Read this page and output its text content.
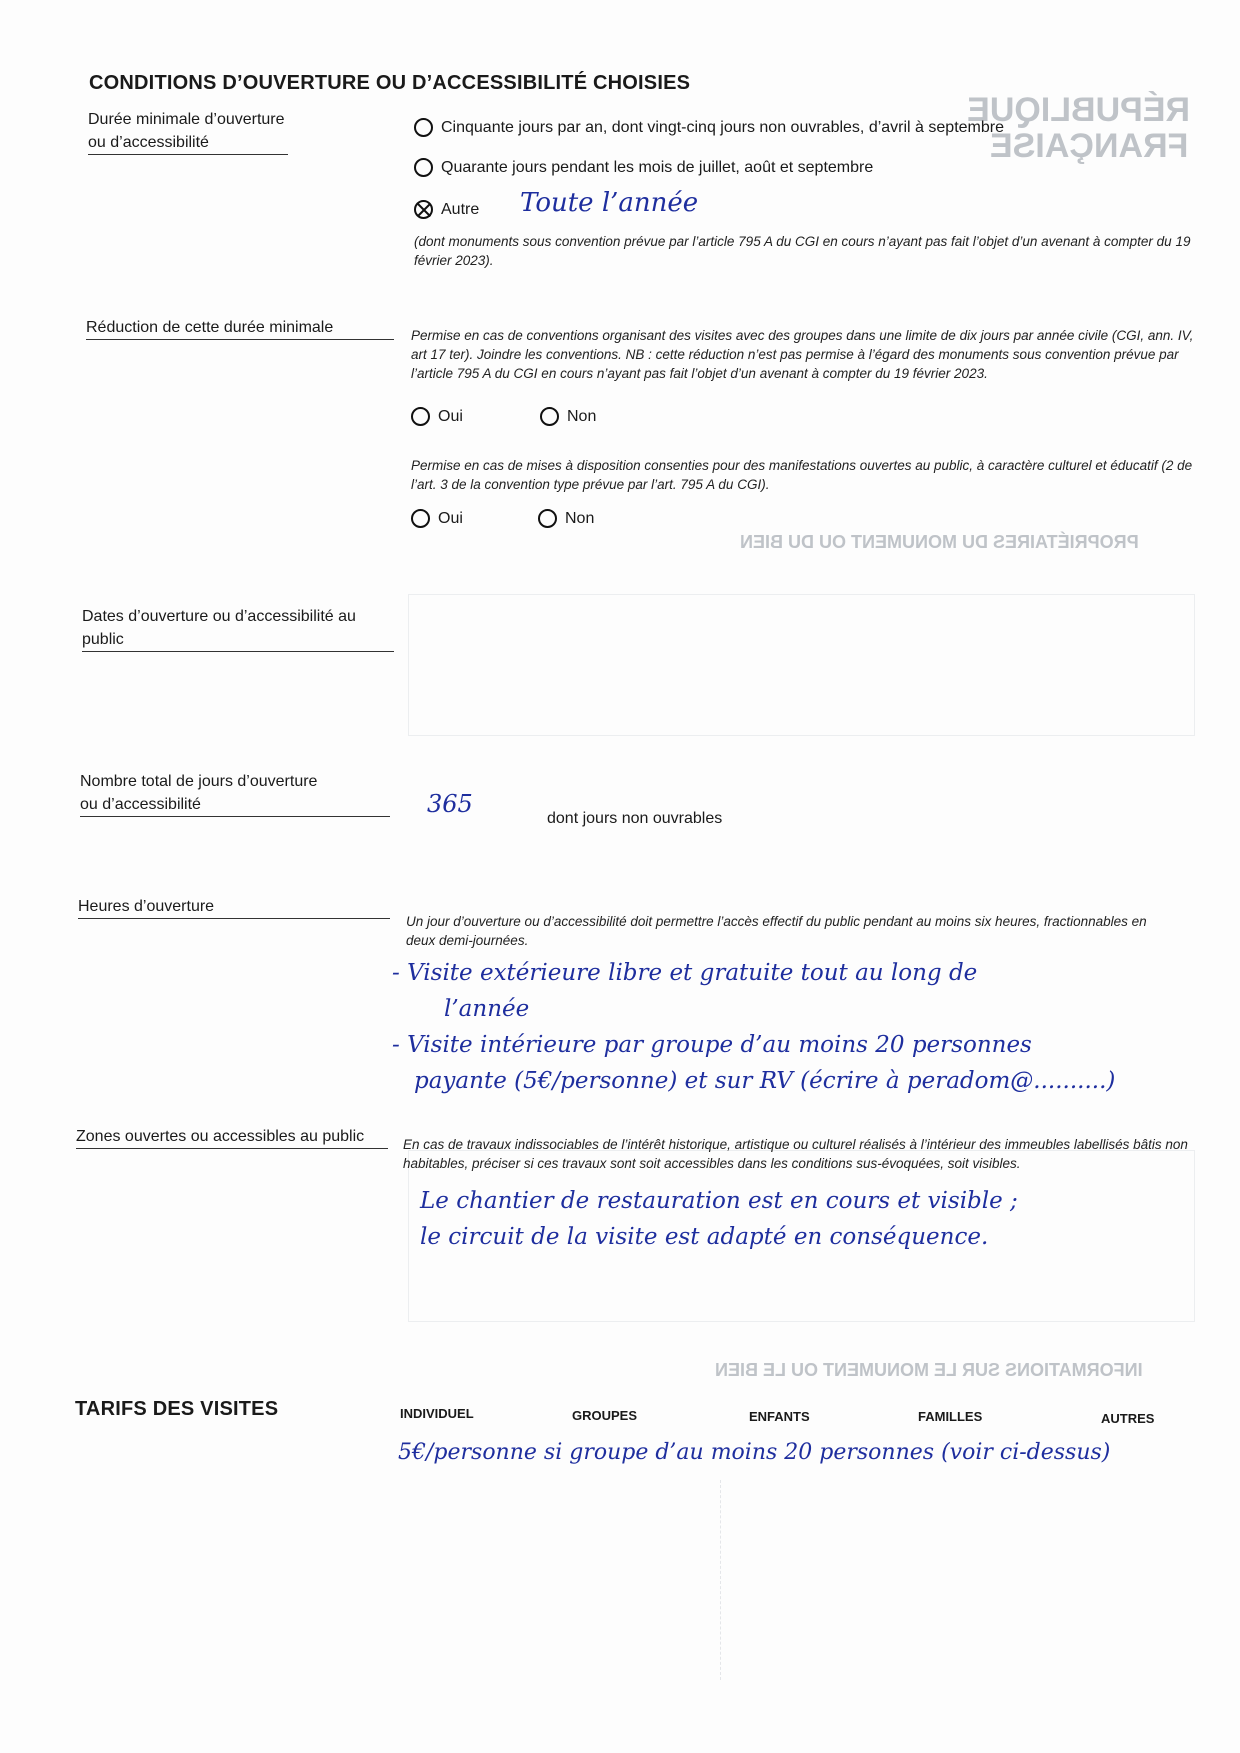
RÉPUBLIQUE
FRANÇAISE
PROPRIÉTAIRES DU MONUMENT OU DU BIEN
INFORMATIONS SUR LE MONUMENT OU LE BIEN
CONDITIONS D’OUVERTURE OU D’ACCESSIBILITÉ CHOISIES
Durée minimale d’ouverture
ou d’accessibilité
Cinquante jours par an, dont vingt-cinq jours non ouvrables, d’avril à septembre
Quarante jours pendant les mois de juillet, août et septembre
Autre Toute l’année
(dont monuments sous convention prévue par l’article 795 A du CGI en cours n’ayant pas fait l’objet d’un avenant à compter du 19 février 2023).
Réduction de cette durée minimale	Permise en cas de conventions organisant des visites avec des groupes dans une limite de dix jours par année civile (CGI, ann. IV, art 17 ter). Joindre les conventions. NB : cette réduction n’est pas permise à l’égard des monuments sous convention prévue par l’article 795 A du CGI en cours n’ayant pas fait l’objet d’un avenant à compter du 19 février 2023.
Oui	Non
Permise en cas de mises à disposition consenties pour des manifestations ouvertes au public, à caractère culturel et éducatif (2 de l’art. 3 de la convention type prévue par l’art. 795 A du CGI).
Oui	Non
Dates d’ouverture ou d’accessibilité au public
Nombre total de jours d’ouverture
ou d’accessibilité	365
dont jours non ouvrables
Heures d’ouverture
Un jour d’ouverture ou d’accessibilité doit permettre l’accès effectif du public pendant au moins six heures, fractionnables en deux demi-journées.
- Visite extérieure libre et gratuite tout au long de
l’année
- Visite intérieure par groupe d’au moins 20 personnes
payante (5€/personne) et sur RV (écrire à peradom@..........)
Zones ouvertes ou accessibles au public	En cas de travaux indissociables de l’intérêt historique, artistique ou culturel réalisés à l’intérieur des immeubles labellisés bâtis non habitables, préciser si ces travaux sont soit accessibles dans les conditions sus-évoquées, soit visibles.
Le chantier de restauration est en cours et visible ;
le circuit de la visite est adapté en conséquence.
TARIFS DES VISITES	INDIVIDUEL	GROUPES	ENFANTS	FAMILLES	AUTRES
5€/personne si groupe d’au moins 20 personnes (voir ci-dessus)
